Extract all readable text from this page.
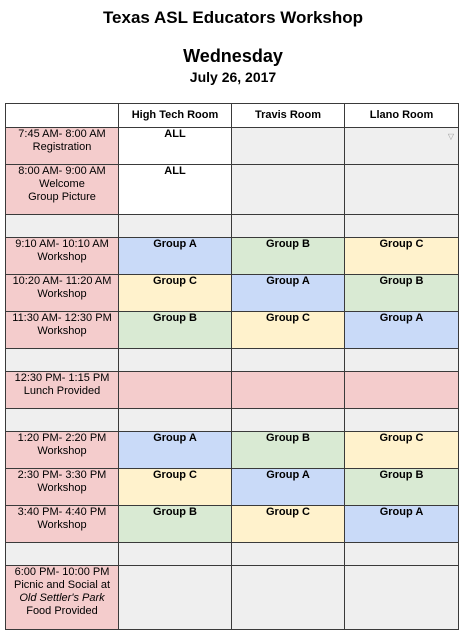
Texas ASL Educators Workshop
Wednesday
July 26, 2017
	High Tech Room	Travis Room	Llano Room

7:45 AM- 8:00 AM
Registration	ALL		▽

8:00 AM- 9:00 AM
Welcome
Group Picture	ALL		

9:10 AM- 10:10 AM
Workshop	Group A	Group B	Group C

10:20 AM- 11:20 AM
Workshop	Group C	Group A	Group B

11:30 AM- 12:30 PM
Workshop	Group B	Group C	Group A

12:30 PM- 1:15 PM
Lunch Provided			

1:20 PM- 2:20 PM
Workshop	Group A	Group B	Group C

2:30 PM- 3:30 PM
Workshop	Group C	Group A	Group B

3:40 PM- 4:40 PM
Workshop	Group B	Group C	Group A

6:00 PM- 10:00 PM
Picnic and Social at
Old Settler's Park
Food Provided			
